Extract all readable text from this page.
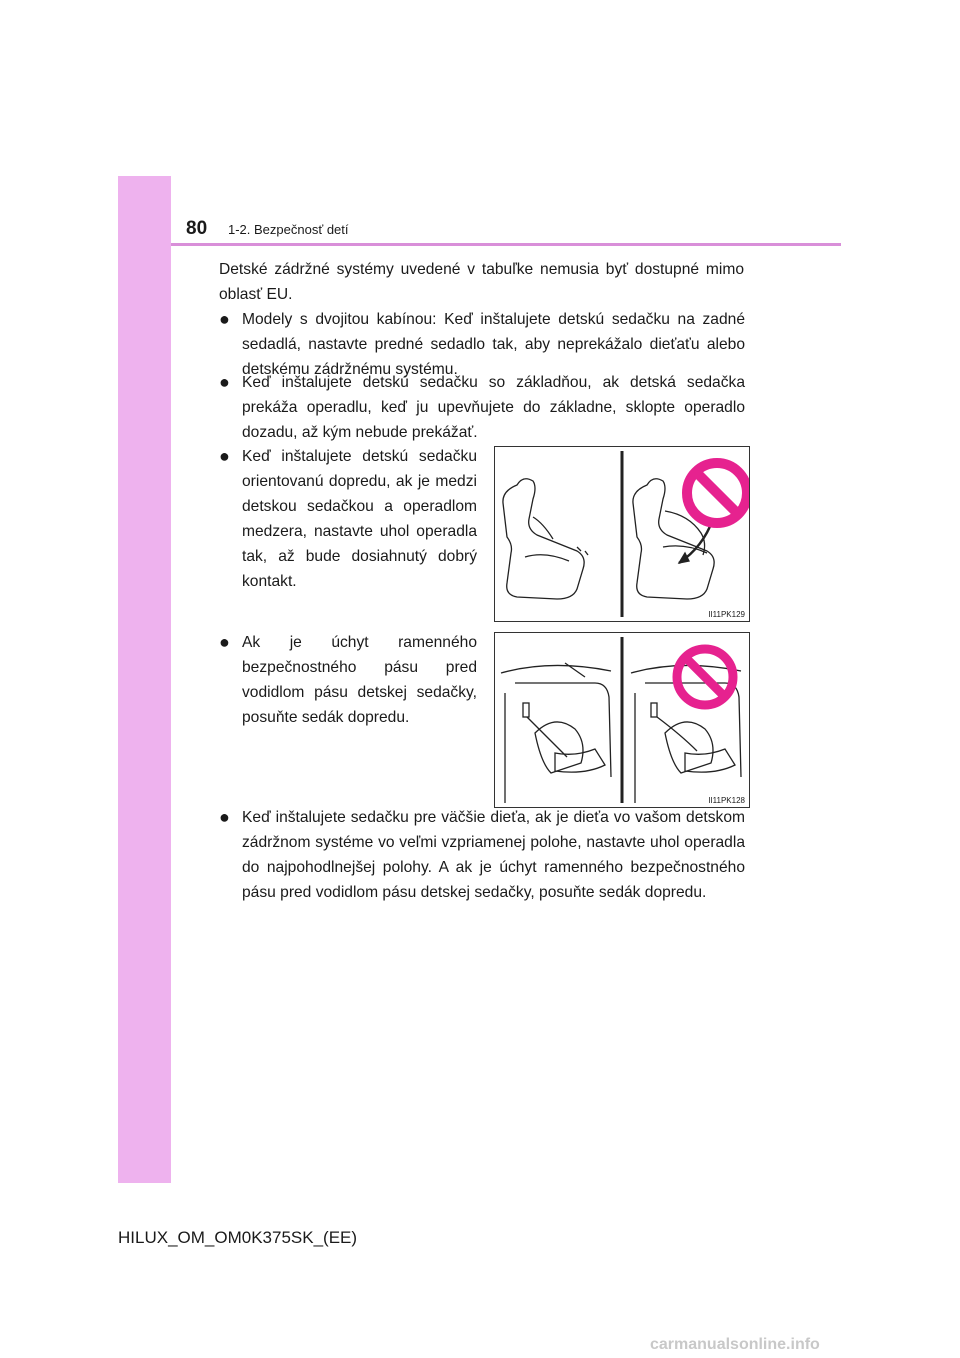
80 1-2. Bezpečnosť detí
Detské zádržné systémy uvedené v tabuľke nemusia byť dostupné mimo oblasť EU.
● Modely s dvojitou kabínou: Keď inštalujete detskú sedačku na zadné sedadlá, nastavte predné sedadlo tak, aby neprekážalo dieťaťu alebo detskému zádržnému systému.
● Keď inštalujete detskú sedačku so základňou, ak detská sedačka prekáža operadlu, keď ju upevňujete do základne, sklopte operadlo dozadu, až kým nebude prekážať.
● Keď inštalujete detskú sedačku orientovanú dopredu, ak je medzi detskou sedačkou a operadlom medzera, nastavte uhol operadla tak, až bude dosiahnutý dobrý kontakt.
● Ak je úchyt ramenného bezpečnostného pásu pred vodidlom pásu detskej sedačky, posuňte sedák dopredu.
● Keď inštalujete sedačku pre väčšie dieťa, ak je dieťa vo vašom detskom zádržnom systéme vo veľmi vzpriamenej polohe, nastavte uhol operadla do najpohodlnejšej polohy. A ak je úchyt ramenného bezpečnostného pásu pred vodidlom pásu detskej sedačky, posuňte sedák dopredu.
II11PK129
II11PK128
HILUX_OM_OM0K375SK_(EE)
carmanualsonline.info
